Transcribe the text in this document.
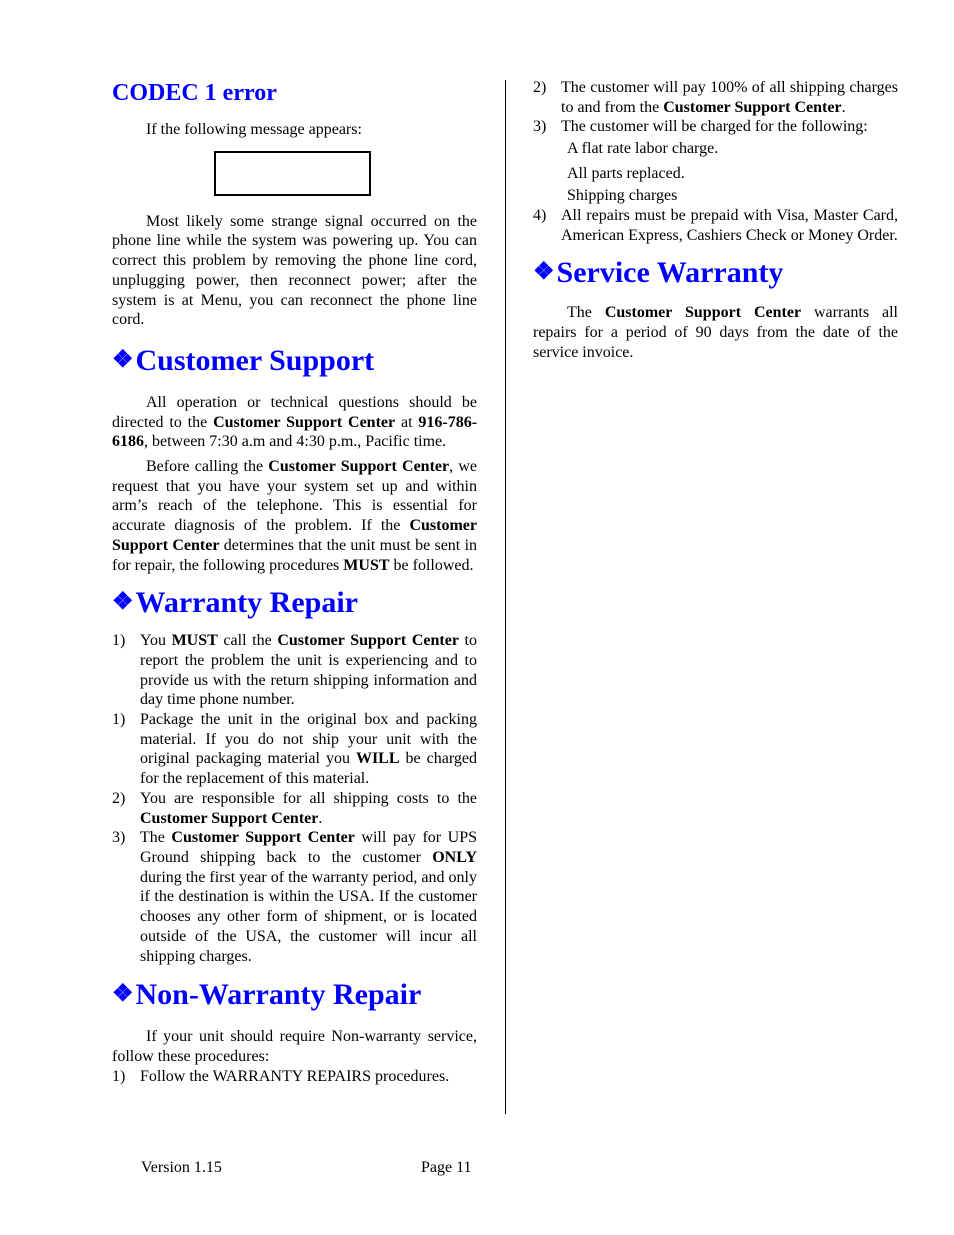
CODEC 1 error

If the following message appears:

Most likely some strange signal occurred on the phone line while the system was powering up. You can correct this problem by removing the phone line cord, unplugging power, then reconnect power; after the system is at Menu, you can reconnect the phone line cord.

❖Customer Support

All operation or technical questions should be directed to the Customer Support Center at 916-786-6186, between 7:30 a.m and 4:30 p.m., Pacific time.

Before calling the Customer Support Center, we request that you have your system set up and within arm’s reach of the telephone. This is essential for accurate diagnosis of the problem. If the Customer Support Center determines that the unit must be sent in for repair, the following procedures MUST be followed.

❖Warranty Repair
1) You MUST call the Customer Support Center to report the problem the unit is experiencing and to provide us with the return shipping information and day time phone number.
1) Package the unit in the original box and packing material. If you do not ship your unit with the original packaging material you WILL be charged for the replacement of this material.
2) You are responsible for all shipping costs to the Customer Support Center.
3) The Customer Support Center will pay for UPS Ground shipping back to the customer ONLY during the first year of the warranty period, and only if the destination is within the USA. If the customer chooses any other form of shipment, or is located outside of the USA, the customer will incur all shipping charges.
❖Non-Warranty Repair

If your unit should require Non-warranty service, follow these procedures:

1) Follow the WARRANTY REPAIRS procedures.
2) The customer will pay 100% of all shipping charges to and from the Customer Support Center.
3) The customer will be charged for the following:

A flat rate labor charge.

All parts replaced.

Shipping charges

4) All repairs must be prepaid with Visa, Master Card, American Express, Cashiers Check or Money Order.
❖Service Warranty

The Customer Support Center warrants all repairs for a period of 90 days from the date of the service invoice.

Version 1.15	Page 11
